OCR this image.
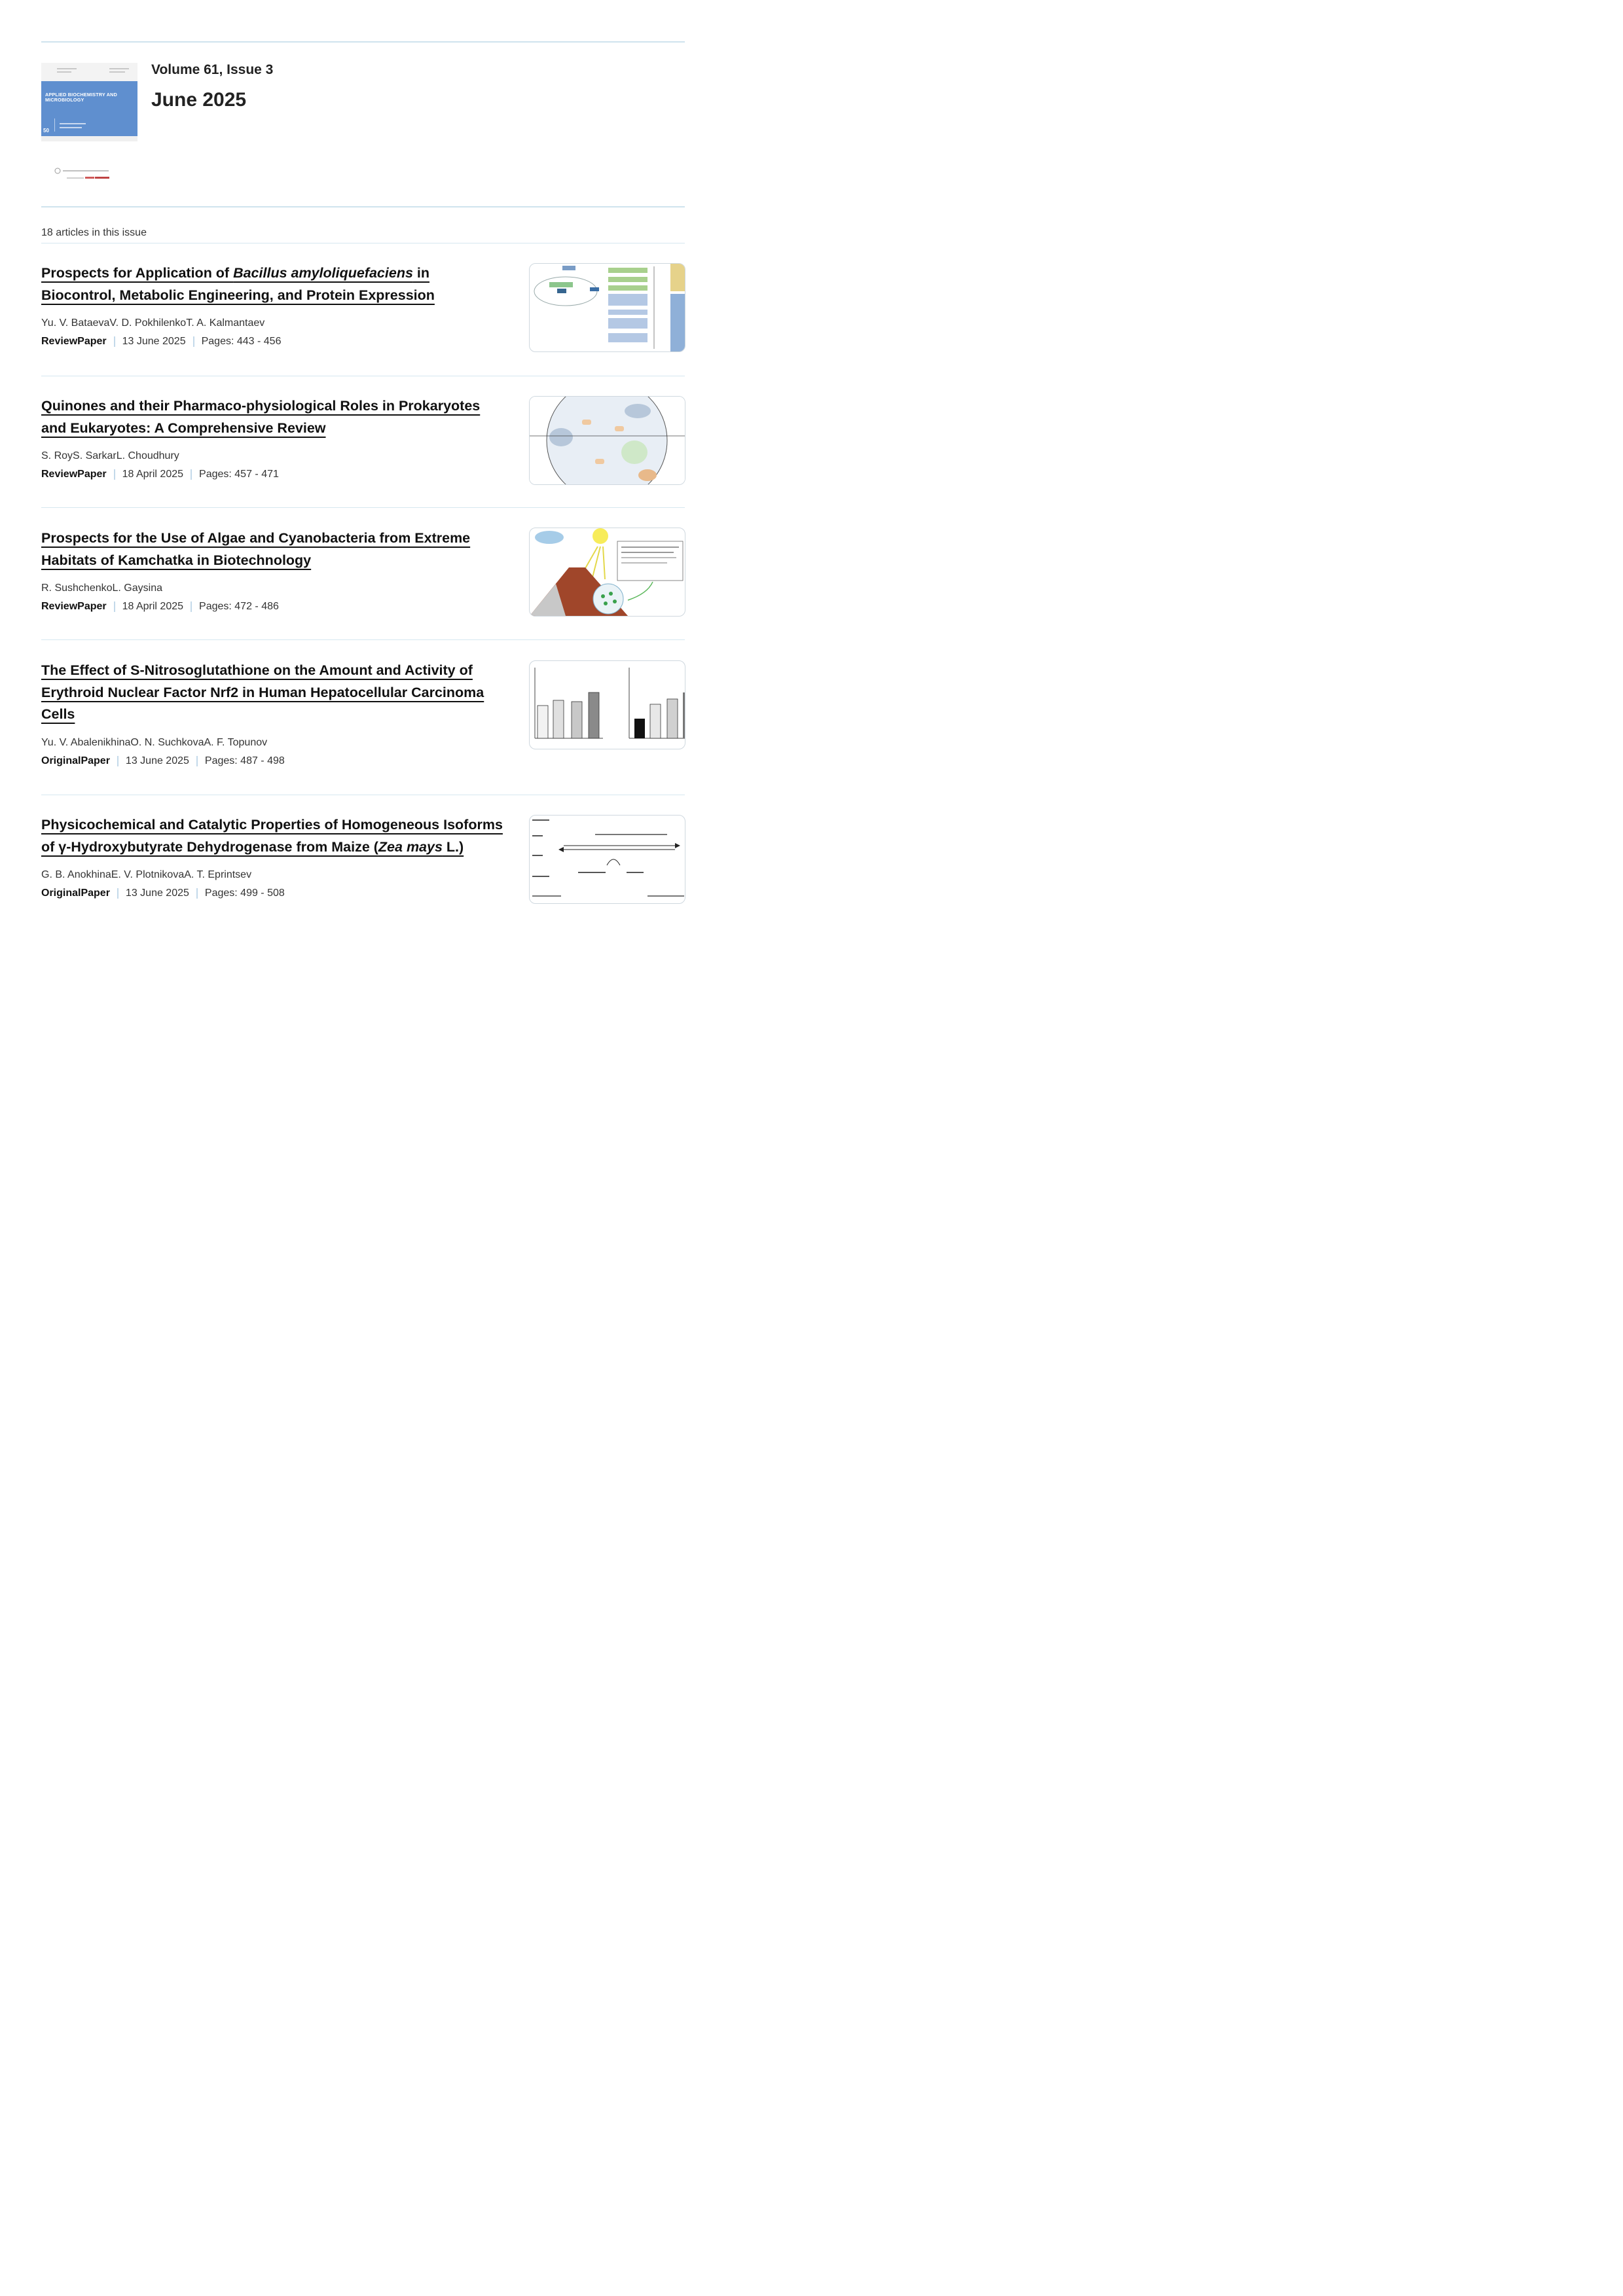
APPLIED BIOCHEMISTRY AND MICROBIOLOGY
50
Volume 61, Issue 3
June 2025
18 articles in this issue
Prospects for Application of Bacillus amyloliquefaciens in Biocontrol, Metabolic Engineering, and Protein Expression
Yu. V. BataevaV. D. PokhilenkoT. A. Kalmantaev
ReviewPaper 13 June 2025 Pages: 443 - 456
Quinones and their Pharmaco-physiological Roles in Prokaryotes and Eukaryotes: A Comprehensive Review
S. RoyS. SarkarL. Choudhury
ReviewPaper 18 April 2025 Pages: 457 - 471
Prospects for the Use of Algae and Cyanobacteria from Extreme Habitats of Kamchatka in Biotechnology
R. SushchenkoL. Gaysina
ReviewPaper 18 April 2025 Pages: 472 - 486
The Effect of S-Nitrosoglutathione on the Amount and Activity of Erythroid Nuclear Factor Nrf2 in Human Hepatocellular Carcinoma Cells
Yu. V. AbalenikhinaO. N. SuchkovaA. F. Topunov
OriginalPaper 13 June 2025 Pages: 487 - 498
Physicochemical and Catalytic Properties of Homogeneous Isoforms of γ-Hydroxybutyrate Dehydrogenase from Maize (Zea mays L.)
G. B. AnokhinaE. V. PlotnikovaA. T. Eprintsev
OriginalPaper 13 June 2025 Pages: 499 - 508
